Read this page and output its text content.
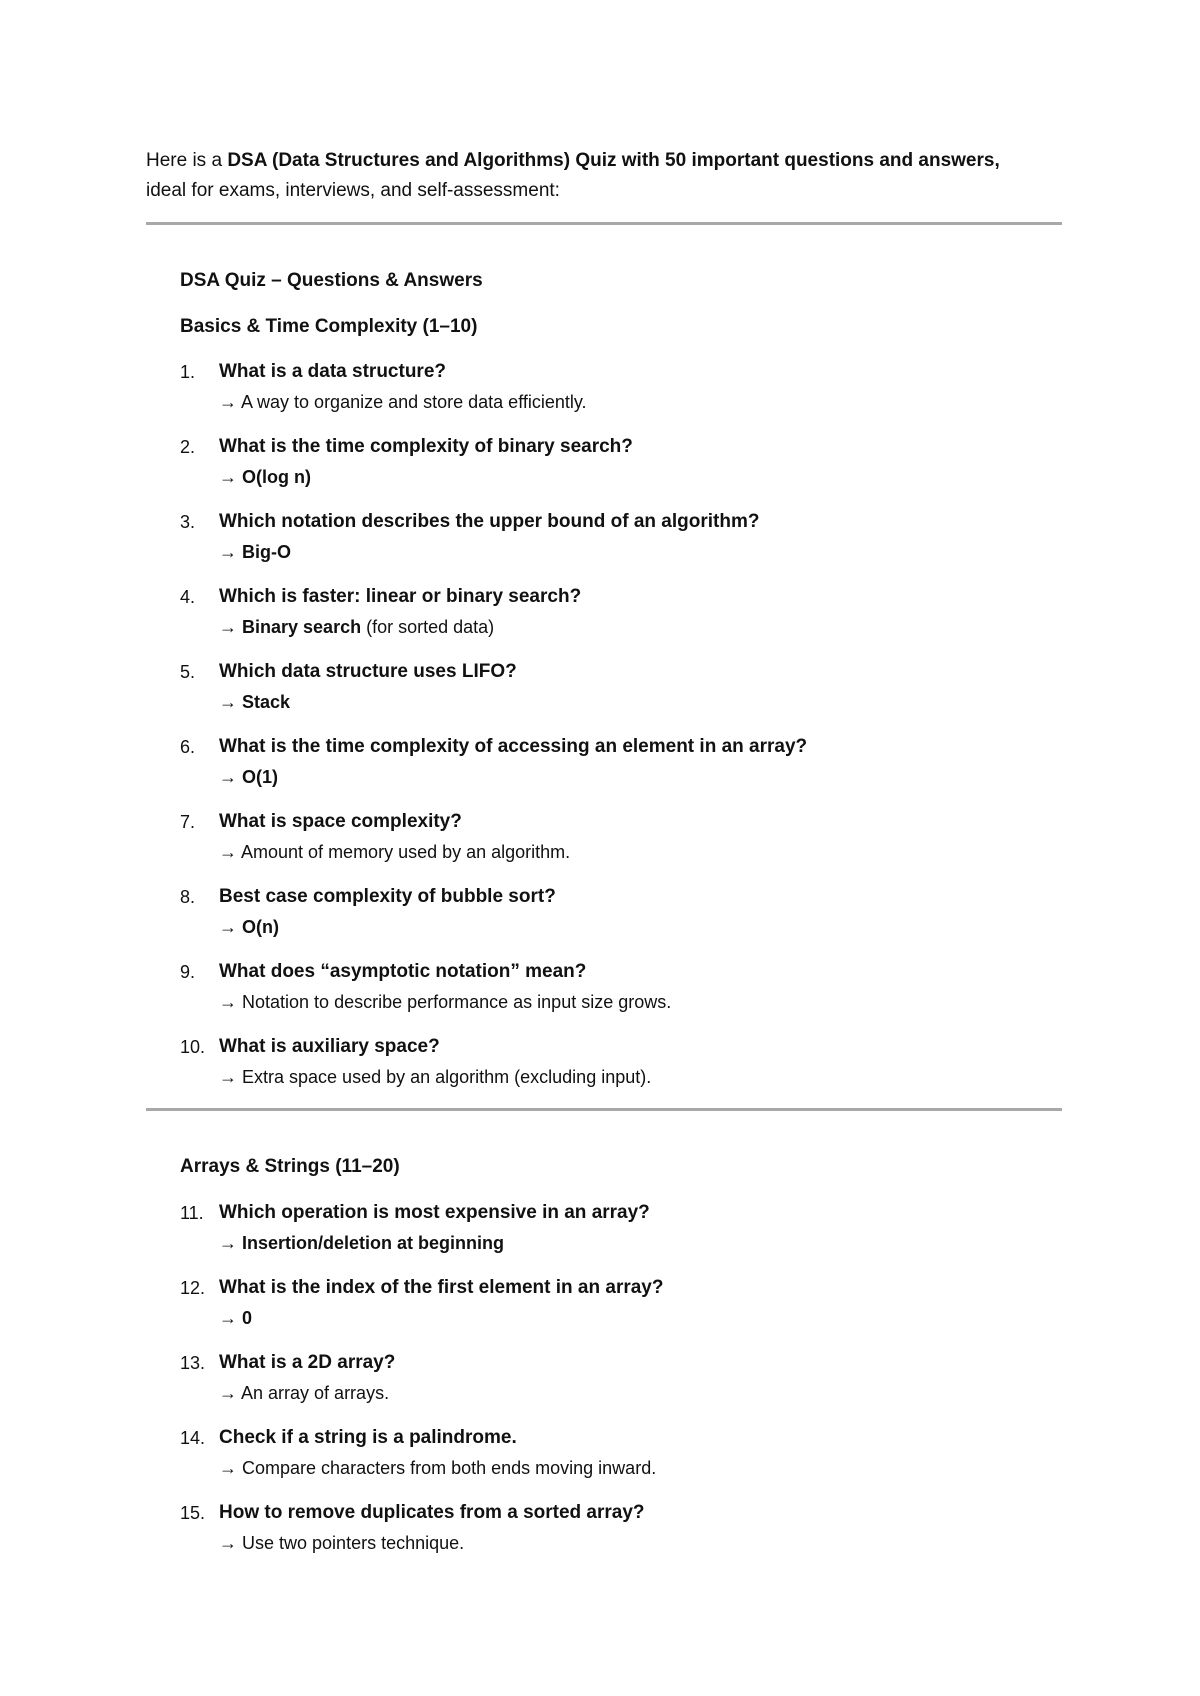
Here is a DSA (Data Structures and Algorithms) Quiz with 50 important questions and answers,
ideal for exams, interviews, and self-assessment:
DSA Quiz – Questions & Answers
Basics & Time Complexity (1–10)
1.	What is a data structure?
→ A way to organize and store data efficiently.
2.	What is the time complexity of binary search?
→ O(log n)
3.	Which notation describes the upper bound of an algorithm?
→ Big-O
4.	Which is faster: linear or binary search?
→ Binary search (for sorted data)
5.	Which data structure uses LIFO?
→ Stack
6.	What is the time complexity of accessing an element in an array?
→ O(1)
7.	What is space complexity?
→ Amount of memory used by an algorithm.
8.	Best case complexity of bubble sort?
→ O(n)
9.	What does “asymptotic notation” mean?
→ Notation to describe performance as input size grows.
10. What is auxiliary space?
→ Extra space used by an algorithm (excluding input).
Arrays & Strings (11–20)
11. Which operation is most expensive in an array?
→ Insertion/deletion at beginning
12. What is the index of the first element in an array?
→ 0
13. What is a 2D array?
→ An array of arrays.
14. Check if a string is a palindrome.
→ Compare characters from both ends moving inward.
15. How to remove duplicates from a sorted array?
→ Use two pointers technique.
